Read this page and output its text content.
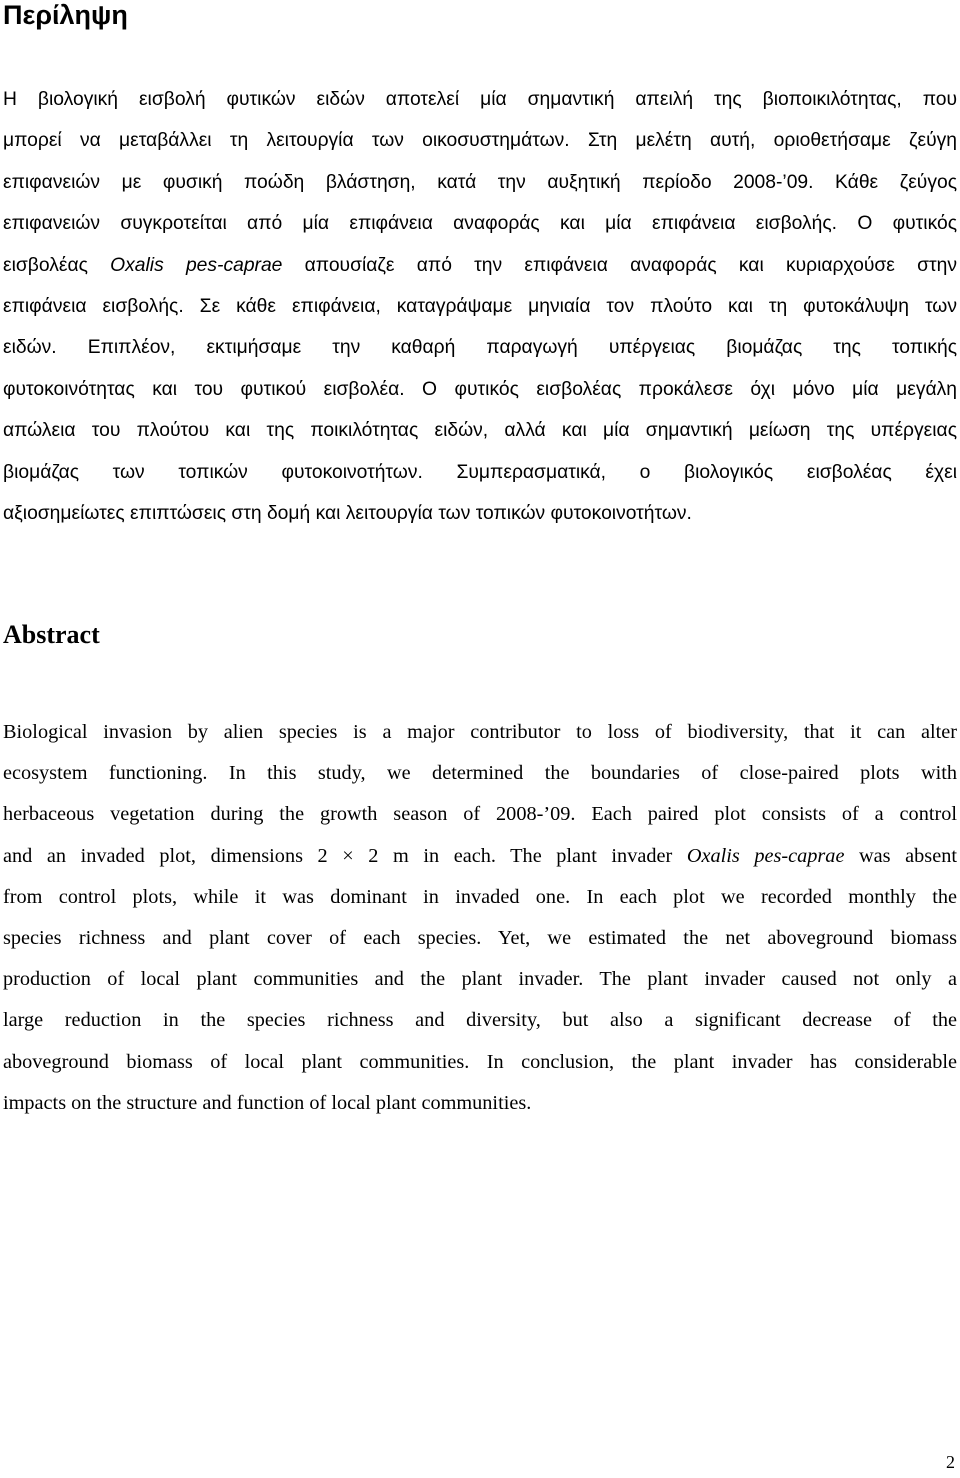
Περίληψη
Η βιολογική εισβολή φυτικών ειδών αποτελεί μία σημαντική απειλή της βιοποικιλότητας, που
μπορεί να μεταβάλλει τη λειτουργία των οικοσυστημάτων. Στη μελέτη αυτή, οριοθετήσαμε ζεύγη
επιφανειών με φυσική ποώδη βλάστηση, κατά την αυξητική περίοδο 2008-’09. Κάθε ζεύγος
επιφανειών συγκροτείται από μία επιφάνεια αναφοράς και μία επιφάνεια εισβολής. Ο φυτικός
εισβολέας Oxalis pes-caprae απουσίαζε από την επιφάνεια αναφοράς και κυριαρχούσε στην
επιφάνεια εισβολής. Σε κάθε επιφάνεια, καταγράψαμε μηνιαία τον πλούτο και τη φυτοκάλυψη των
ειδών. Επιπλέον, εκτιμήσαμε την καθαρή παραγωγή υπέργειας βιομάζας της τοπικής
φυτοκοινότητας και του φυτικού εισβολέα. Ο φυτικός εισβολέας προκάλεσε όχι μόνο μία μεγάλη
απώλεια του πλούτου και της ποικιλότητας ειδών, αλλά και μία σημαντική μείωση της υπέργειας
βιομάζας των τοπικών φυτοκοινοτήτων. Συμπερασματικά, ο βιολογικός εισβολέας έχει
αξιοσημείωτες επιπτώσεις στη δομή και λειτουργία των τοπικών φυτοκοινοτήτων.
Abstract
Biological invasion by alien species is a major contributor to loss of biodiversity, that it can alter
ecosystem functioning. In this study, we determined the boundaries of close-paired plots with
herbaceous vegetation during the growth season of 2008-’09. Each paired plot consists of a control
and an invaded plot, dimensions 2 × 2 m in each. The plant invader Oxalis pes-caprae was absent
from control plots, while it was dominant in invaded one. In each plot we recorded monthly the
species richness and plant cover of each species. Yet, we estimated the net aboveground biomass
production of local plant communities and the plant invader. The plant invader caused not only a
large reduction in the species richness and diversity, but also a significant decrease of the
aboveground biomass of local plant communities. In conclusion, the plant invader has considerable
impacts on the structure and function of local plant communities.
2
